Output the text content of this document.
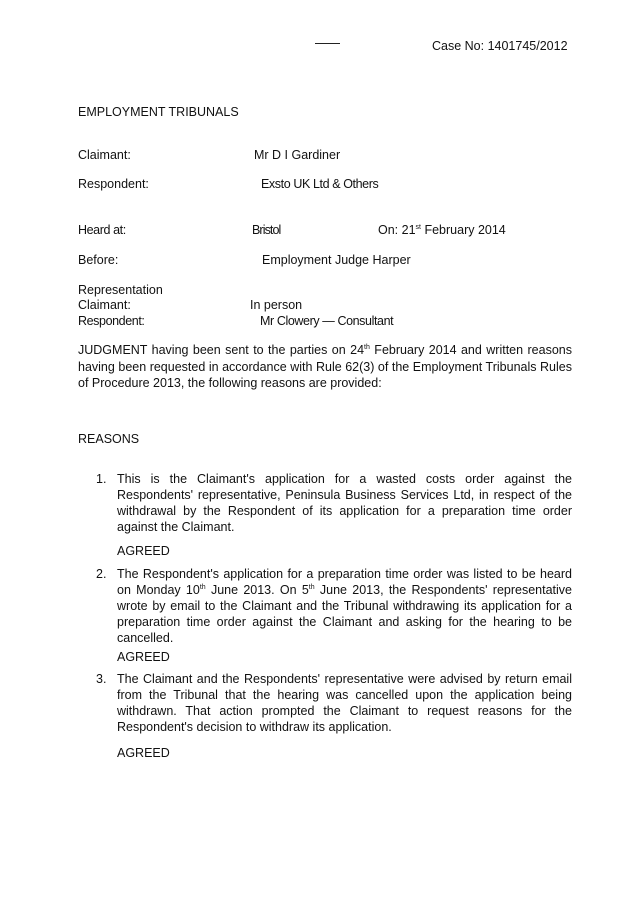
Case No: 1401745/2012
EMPLOYMENT TRIBUNALS
Claimant:	Mr D I Gardiner
Respondent:	Exsto UK Ltd & Others
Heard at:	Bristol	On: 21st February 2014
Before:	Employment Judge Harper
Representation
Claimant:	In person
Respondent:	Mr Clowery — Consultant
JUDGMENT having been sent to the parties on 24th February 2014 and written reasons having been requested in accordance with Rule 62(3) of the Employment Tribunals Rules of Procedure 2013, the following reasons are provided:
REASONS
1. This is the Claimant's application for a wasted costs order against the Respondents' representative, Peninsula Business Services Ltd, in respect of the withdrawal by the Respondent of its application for a preparation time order against the Claimant.
AGREED
2. The Respondent's application for a preparation time order was listed to be heard on Monday 10th June 2013. On 5th June 2013, the Respondents' representative wrote by email to the Claimant and the Tribunal withdrawing its application for a preparation time order against the Claimant and asking for the hearing to be cancelled.
AGREED
3. The Claimant and the Respondents' representative were advised by return email from the Tribunal that the hearing was cancelled upon the application being withdrawn. That action prompted the Claimant to request reasons for the Respondent's decision to withdraw its application.
AGREED
